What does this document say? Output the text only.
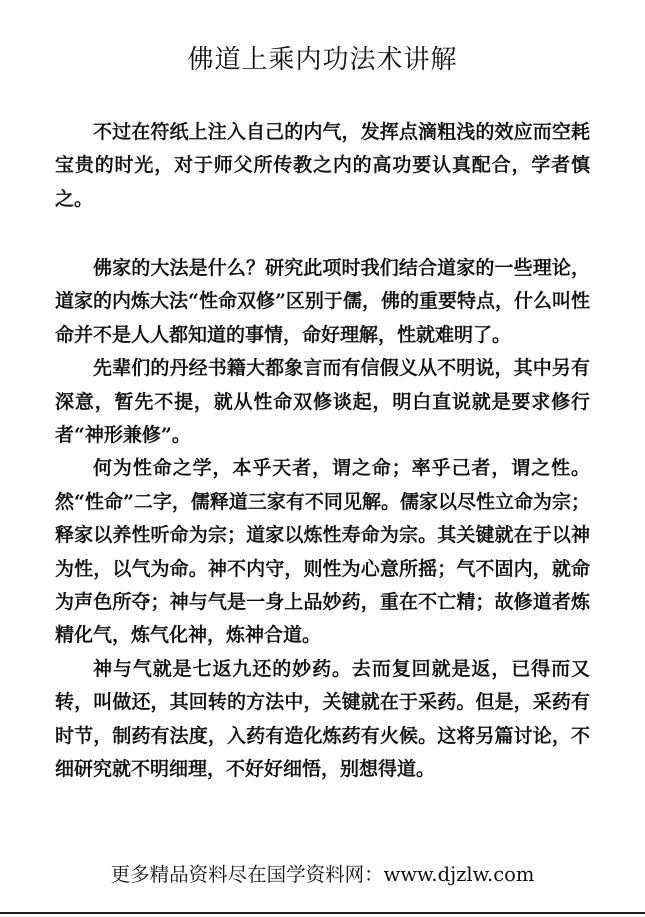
佛道上乘内功法术讲解

不过在符纸上注入自己的内气，发挥点滴粗浅的效应而空耗宝贵的时光，对于师父所传教之内的高功要认真配合，学者慎之。

佛家的大法是什么？研究此项时我们结合道家的一些理论，道家的内炼大法“性命双修”区别于儒，佛的重要特点，什么叫性命并不是人人都知道的事情，命好理解，性就难明了。

先辈们的丹经书籍大都象言而有信假义从不明说，其中另有深意，暂先不提，就从性命双修谈起，明白直说就是要求修行者“神形兼修”。

何为性命之学，本乎天者，谓之命；率乎己者，谓之性。然“性命”二字，儒释道三家有不同见解。儒家以尽性立命为宗；释家以养性听命为宗；道家以炼性寿命为宗。其关键就在于以神为性，以气为命。神不内守，则性为心意所摇；气不固内，就命为声色所夺；神与气是一身上品妙药，重在不亡精；故修道者炼精化气，炼气化神，炼神合道。

神与气就是七返九还的妙药。去而复回就是返，已得而又转，叫做还，其回转的方法中，关键就在于采药。但是，采药有时节，制药有法度，入药有造化炼药有火候。这将另篇讨论，不细研究就不明细理，不好好细悟，别想得道。

更多精品资料尽在国学资料网：www.djzlw.com
